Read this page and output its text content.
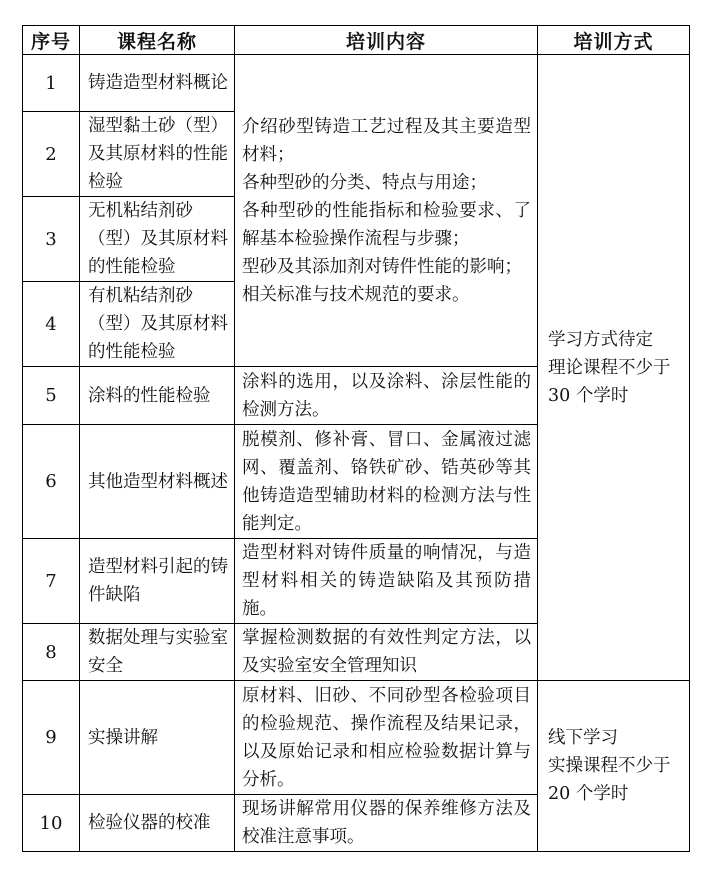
序号	课程名称	培训内容	培训方式
1	铸造造型材料概论	介绍砂型铸造工艺过程及其主要造型材料；
各种型砂的分类、特点与用途；
各种型砂的性能指标和检验要求、了解基本检验操作流程与步骤；
型砂及其添加剂对铸件性能的影响；
相关标准与技术规范的要求。	学习方式待定
理论课程不少于 30 个学时

2	湿型黏土砂（型）及其原材料的性能检验		
3	无机粘结剂砂（型）及其原材料的性能检验		
4	有机粘结剂砂（型）及其原材料的性能检验		
5	涂料的性能检验	涂料的选用，以及涂料、涂层性能的检测方法。	
6	其他造型材料概述	脱模剂、修补膏、冒口、金属液过滤网、覆盖剂、铬铁矿砂、锆英砂等其他铸造造型辅助材料的检测方法与性能判定。	
7	造型材料引起的铸件缺陷	造型材料对铸件质量的响情况，与造型材料相关的铸造缺陷及其预防措施。	
8	数据处理与实验室安全	掌握检测数据的有效性判定方法，以及实验室安全管理知识	
9	实操讲解	原材料、旧砂、不同砂型各检验项目的检验规范、操作流程及结果记录，以及原始记录和相应检验数据计算与分析。	线下学习
实操课程不少于 20 个学时

10	检验仪器的校准	现场讲解常用仪器的保养维修方法及校准注意事项。	
